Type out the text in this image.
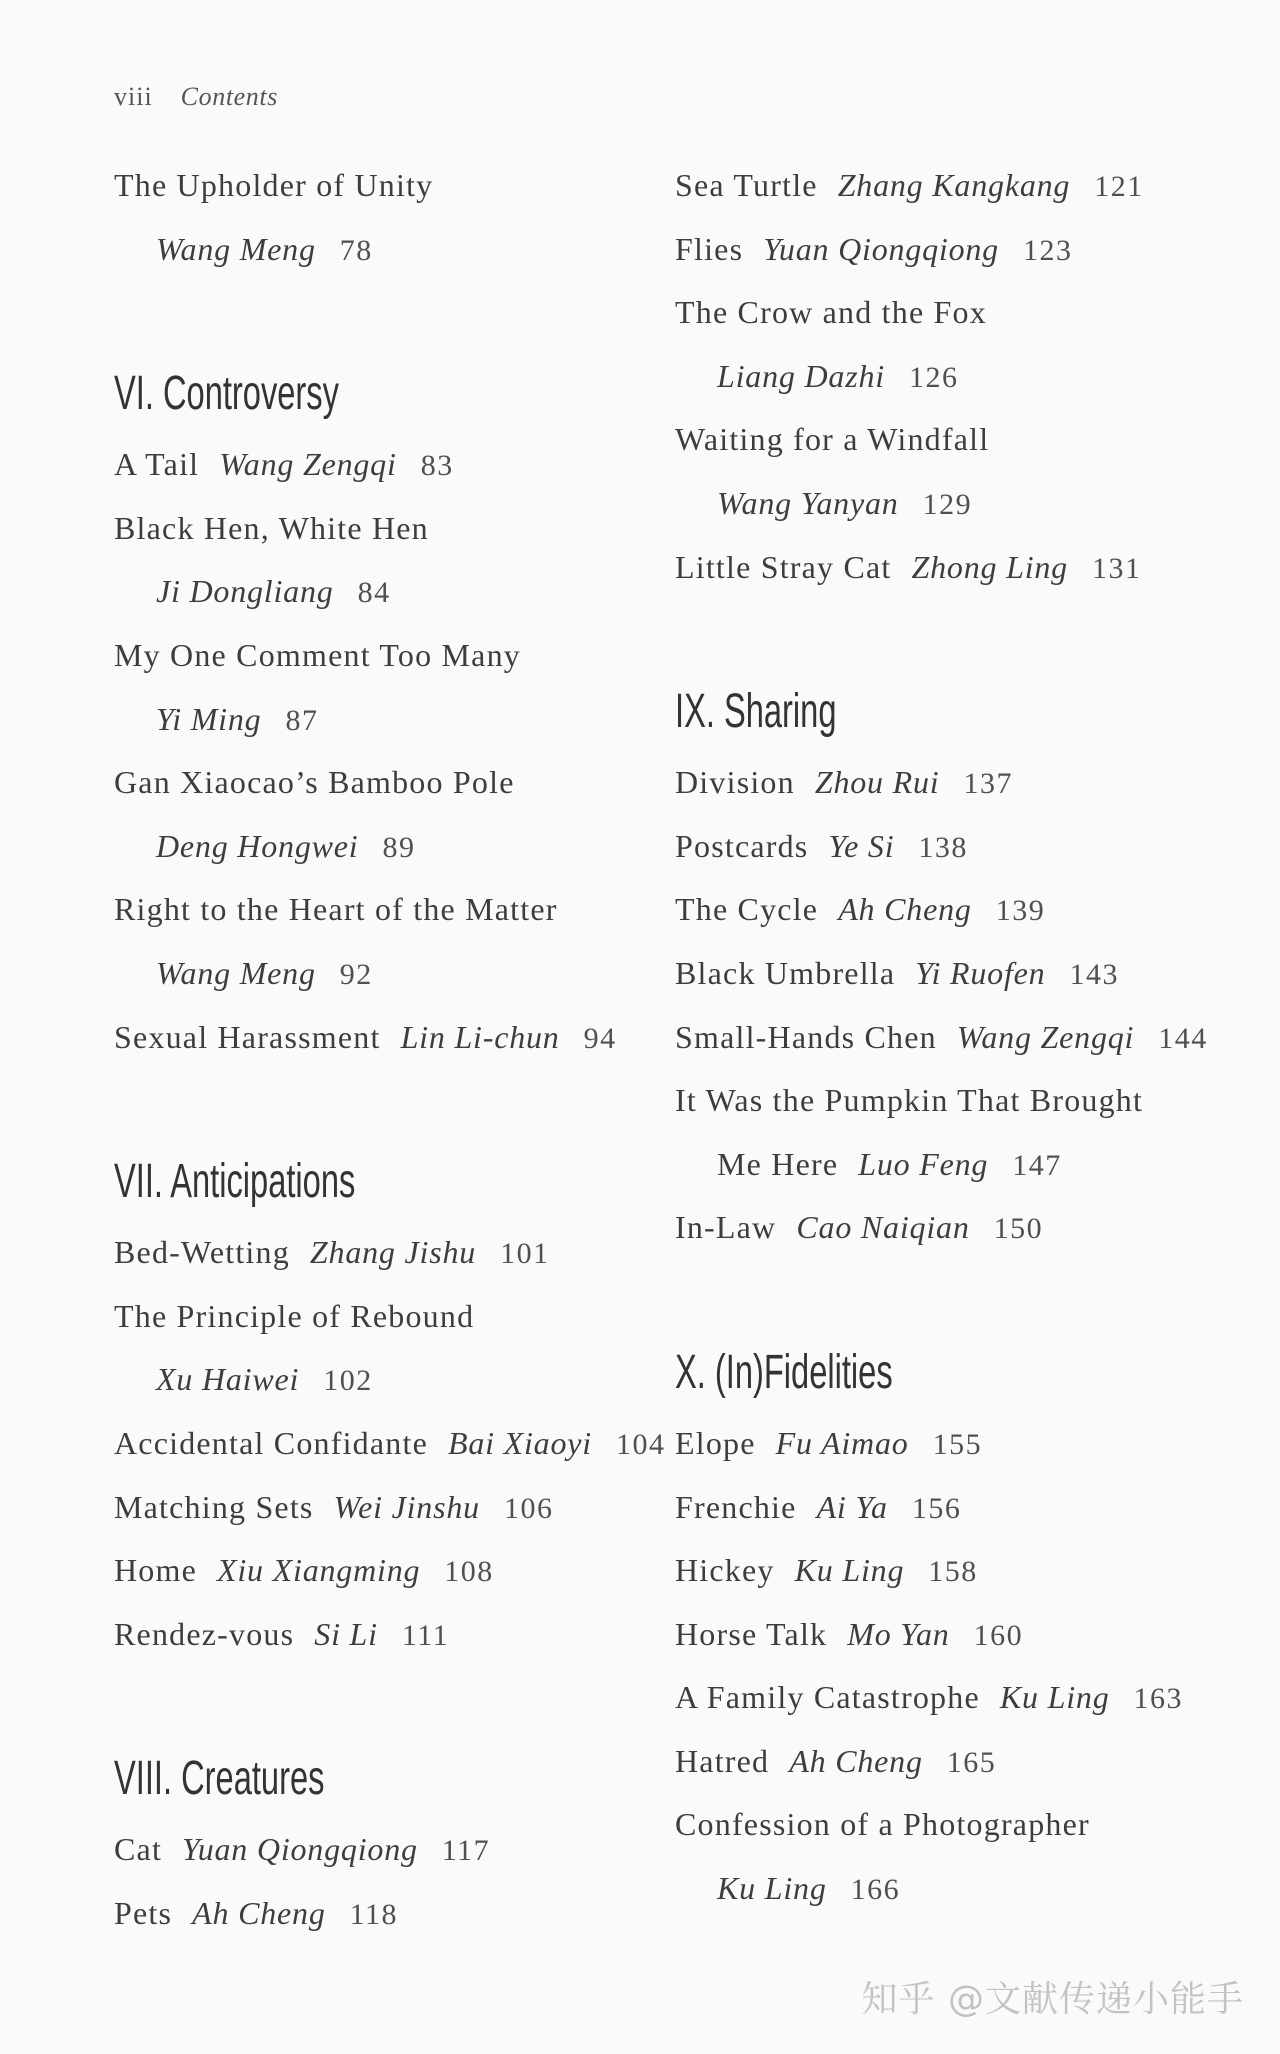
viii Contents
The Upholder of Unity
Wang Meng 78
VI. Controversy
A Tail Wang Zengqi 83
Black Hen, White Hen
Ji Dongliang 84
My One Comment Too Many
Yi Ming 87
Gan Xiaocao’s Bamboo Pole
Deng Hongwei 89
Right to the Heart of the Matter
Wang Meng 92
Sexual Harassment Lin Li-chun 94
VII. Anticipations
Bed-Wetting Zhang Jishu 101
The Principle of Rebound
Xu Haiwei 102
Accidental Confidante Bai Xiaoyi 104
Matching Sets Wei Jinshu 106
Home Xiu Xiangming 108
Rendez-vous Si Li 111
VIII. Creatures
Cat Yuan Qiongqiong 117
Pets Ah Cheng 118
Sea Turtle Zhang Kangkang 121
Flies Yuan Qiongqiong 123
The Crow and the Fox
Liang Dazhi 126
Waiting for a Windfall
Wang Yanyan 129
Little Stray Cat Zhong Ling 131
IX. Sharing
Division Zhou Rui 137
Postcards Ye Si 138
The Cycle Ah Cheng 139
Black Umbrella Yi Ruofen 143
Small-Hands Chen Wang Zengqi 144
It Was the Pumpkin That Brought
Me Here Luo Feng 147
In-Law Cao Naiqian 150
X. (In)Fidelities
Elope Fu Aimao 155
Frenchie Ai Ya 156
Hickey Ku Ling 158
Horse Talk Mo Yan 160
A Family Catastrophe Ku Ling 163
Hatred Ah Cheng 165
Confession of a Photographer
Ku Ling 166
知乎 @文献传递小能手
